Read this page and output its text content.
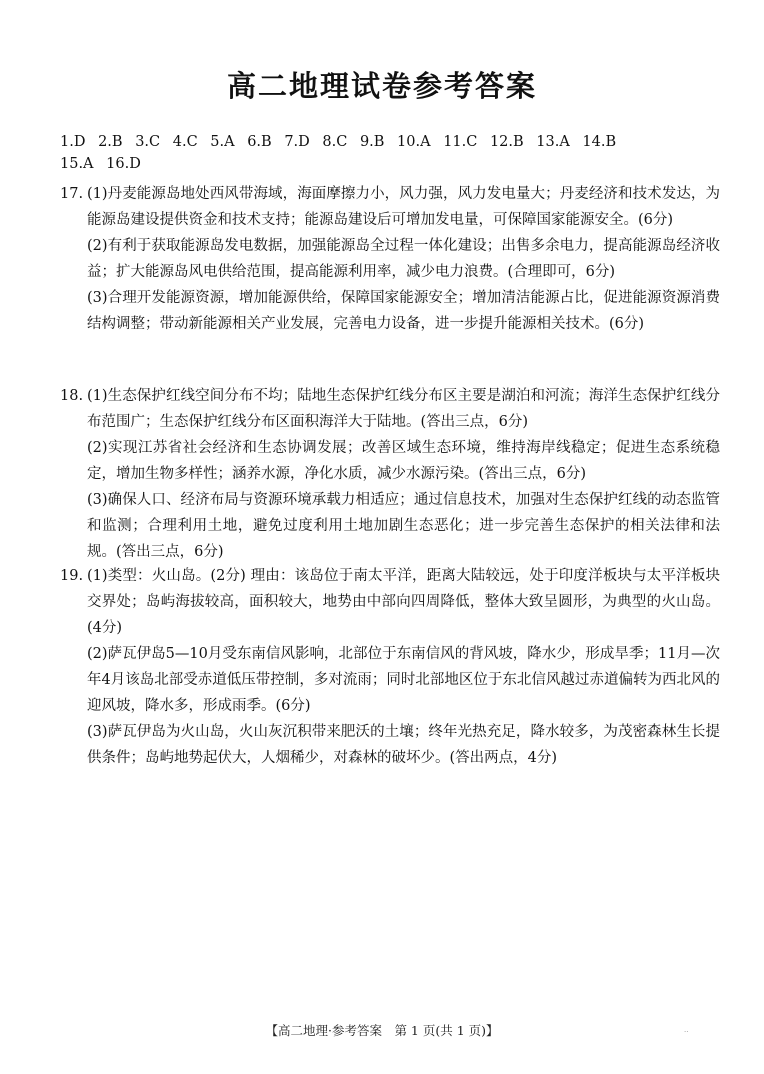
高二地理试卷参考答案
1.D 2.B 3.C 4.C 5.A 6.B 7.D 8.C 9.B 10.A 11.C 12.B 13.A 14.B
15.A 16.D
17. (1)丹麦能源岛地处西风带海域，海面摩擦力小，风力强，风力发电量大；丹麦经济和技术发达，为能源岛建设提供资金和技术支持；能源岛建设后可增加发电量，可保障国家能源安全。(6分)

(2)有利于获取能源岛发电数据，加强能源岛全过程一体化建设；出售多余电力，提高能源岛经济收益；扩大能源岛风电供给范围，提高能源利用率，减少电力浪费。(合理即可，6分)

(3)合理开发能源资源，增加能源供给，保障国家能源安全；增加清洁能源占比，促进能源资源消费结构调整；带动新能源相关产业发展，完善电力设备，进一步提升能源相关技术。(6分)

18. (1)生态保护红线空间分布不均；陆地生态保护红线分布区主要是湖泊和河流；海洋生态保护红线分布范围广；生态保护红线分布区面积海洋大于陆地。(答出三点，6分)

(2)实现江苏省社会经济和生态协调发展；改善区域生态环境，维持海岸线稳定；促进生态系统稳定，增加生物多样性；涵养水源，净化水质，减少水源污染。(答出三点，6分)

(3)确保人口、经济布局与资源环境承载力相适应；通过信息技术，加强对生态保护红线的动态监管和监测；合理利用土地，避免过度利用土地加剧生态恶化；进一步完善生态保护的相关法律和法规。(答出三点，6分)

19. (1)类型：火山岛。(2分) 理由：该岛位于南太平洋，距离大陆较远，处于印度洋板块与太平洋板块交界处；岛屿海拔较高，面积较大，地势由中部向四周降低，整体大致呈圆形，为典型的火山岛。(4分)

(2)萨瓦伊岛5—10月受东南信风影响，北部位于东南信风的背风坡，降水少，形成旱季；11月—次年4月该岛北部受赤道低压带控制，多对流雨；同时北部地区位于东北信风越过赤道偏转为西北风的迎风坡，降水多，形成雨季。(6分)

(3)萨瓦伊岛为火山岛，火山灰沉积带来肥沃的土壤；终年光热充足，降水较多，为茂密森林生长提供条件；岛屿地势起伏大，人烟稀少，对森林的破坏少。(答出两点，4分)

【高二地理·参考答案　第 1 页(共 1 页)】	··
